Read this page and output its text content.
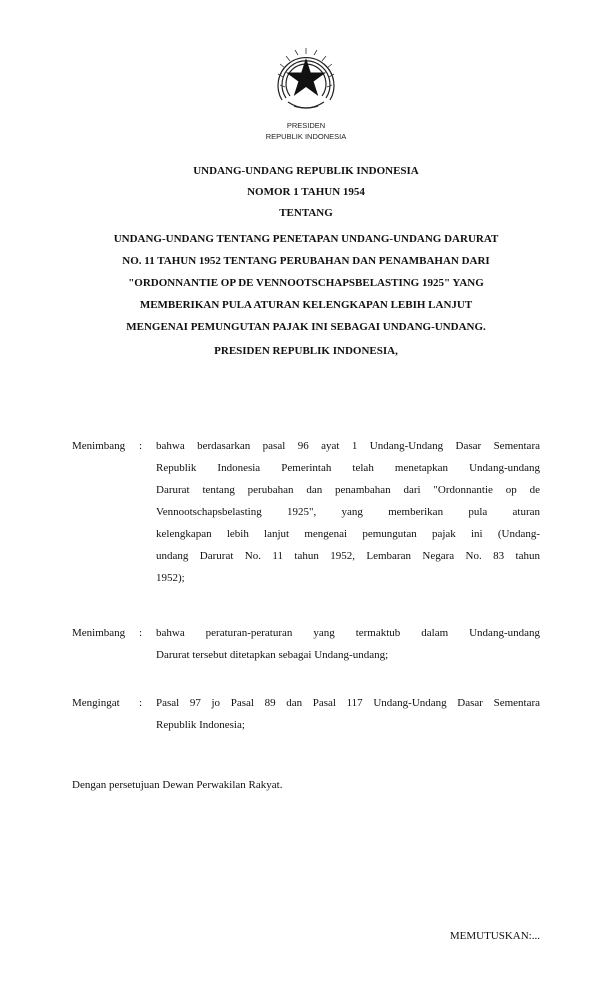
PRESIDEN
REPUBLIK INDONESIA
UNDANG-UNDANG REPUBLIK INDONESIA
NOMOR 1 TAHUN 1954
TENTANG
UNDANG-UNDANG TENTANG PENETAPAN UNDANG-UNDANG DARURAT
NO. 11 TAHUN 1952 TENTANG PERUBAHAN DAN PENAMBAHAN DARI
"ORDONNANTIE OP DE VENNOOTSCHAPSBELASTING 1925" YANG
MEMBERIKAN PULA ATURAN KELENGKAPAN LEBIH LANJUT
MENGENAI PEMUNGUTAN PAJAK INI SEBAGAI UNDANG-UNDANG.
PRESIDEN REPUBLIK INDONESIA,
Menimbang : bahwa berdasarkan pasal 96 ayat 1 Undang-Undang Dasar Sementara
Republik Indonesia Pemerintah telah menetapkan Undang-undang
Darurat tentang perubahan dan penambahan dari "Ordonnantie op de
Vennootschapsbelasting 1925", yang memberikan pula aturan
kelengkapan lebih lanjut mengenai pemungutan pajak ini (Undang-
undang Darurat No. 11 tahun 1952, Lembaran Negara No. 83 tahun
1952);
Menimbang : bahwa peraturan-peraturan yang termaktub dalam Undang-undang
Darurat tersebut ditetapkan sebagai Undang-undang;
Mengingat : Pasal 97 jo Pasal 89 dan Pasal 117 Undang-Undang Dasar Sementara
Republik Indonesia;
Dengan persetujuan Dewan Perwakilan Rakyat.
MEMUTUSKAN:...
